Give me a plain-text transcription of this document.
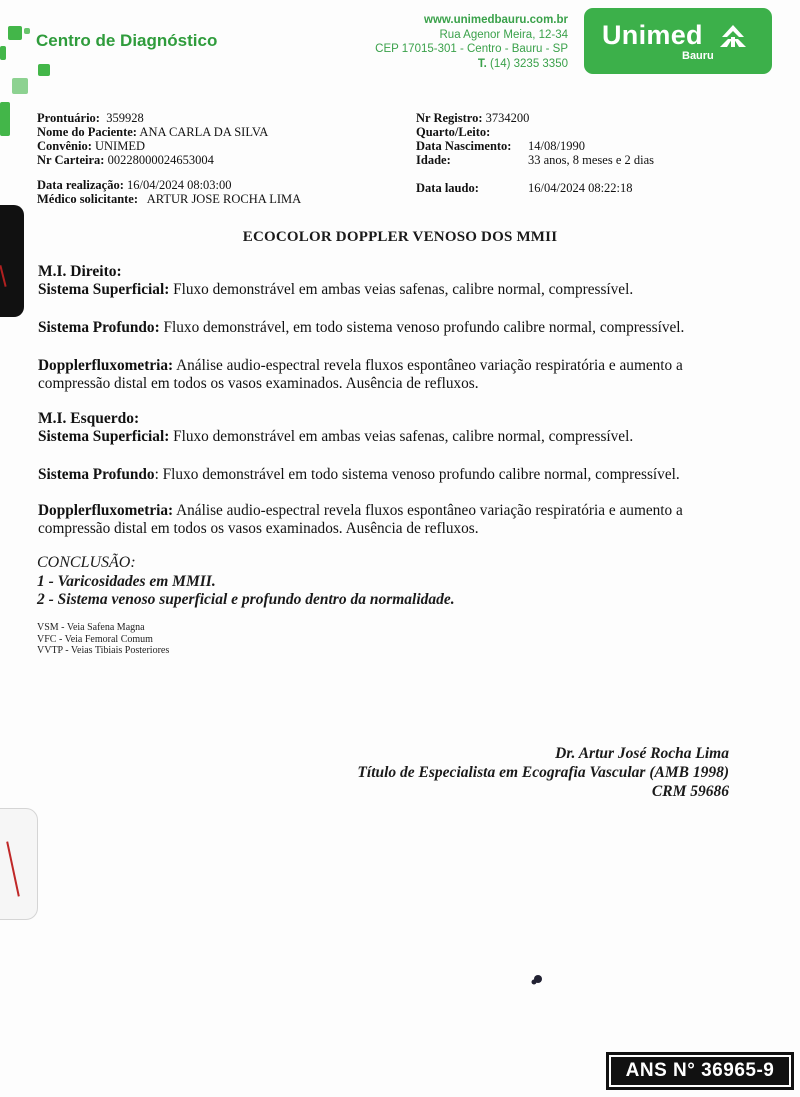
Centro de Diagnóstico
www.unimedbauru.com.br
Rua Agenor Meira, 12-34
CEP 17015-301 - Centro - Bauru - SP
T. (14) 3235 3350
Unimed
Bauru
Prontuário: 359928
Nome do Paciente: ANA CARLA DA SILVA
Convênio: UNIMED
Nr Carteira: 00228000024653004
Data realização: 16/04/2024 08:03:00
Médico solicitante: ARTUR JOSE ROCHA LIMA
Nr Registro:
3734200
Quarto/Leito:

Data Nascimento:	14/08/1990
Idade:	33 anos, 8 meses e 2 dias
Data laudo:	16/04/2024 08:22:18
ECOCOLOR DOPPLER VENOSO DOS MMII
M.I. Direito:
Sistema Superficial: Fluxo demonstrável em ambas veias safenas, calibre normal, compressível.
Sistema Profundo: Fluxo demonstrável, em todo sistema venoso profundo calibre normal, compressível.
Dopplerfluxometria: Análise audio-espectral revela fluxos espontâneo variação respiratória e aumento a compressão distal em todos os vasos examinados. Ausência de refluxos.
M.I. Esquerdo:
Sistema Superficial: Fluxo demonstrável em ambas veias safenas, calibre normal, compressível.
Sistema Profundo: Fluxo demonstrável em todo sistema venoso profundo calibre normal, compressível.
Dopplerfluxometria: Análise audio-espectral revela fluxos espontâneo variação respiratória e aumento a compressão distal em todos os vasos examinados. Ausência de refluxos.
CONCLUSÃO:
1 - Varicosidades em MMII.
2 - Sistema venoso superficial e profundo dentro da normalidade.
VSM - Veia Safena Magna
VFC - Veia Femoral Comum
VVTP - Veias Tibiais Posteriores
Dr. Artur José Rocha Lima
Título de Especialista em Ecografia Vascular (AMB 1998)
CRM 59686
ANS N° 36965-9
